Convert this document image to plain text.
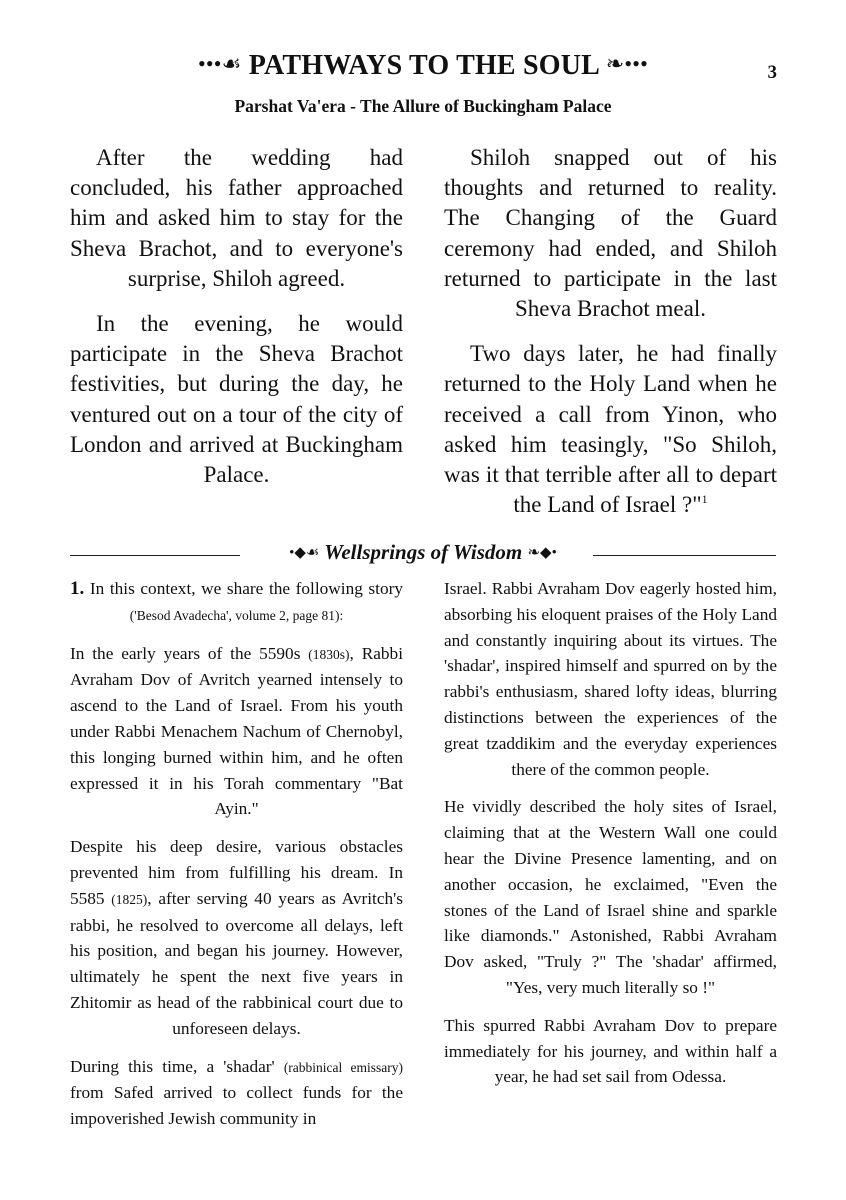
•••☙ PATHWAYS TO THE SOUL ❧•••	3
Parshat Va'era - The Allure of Buckingham Palace

After the wedding had concluded, his father approached him and asked him to stay for the Sheva Brachot, and to everyone's surprise, Shiloh agreed.

In the evening, he would participate in the Sheva Brachot festivities, but during the day, he ventured out on a tour of the city of London and arrived at Buckingham Palace.

Shiloh snapped out of his thoughts and returned to reality. The Changing of the Guard ceremony had ended, and Shiloh returned to participate in the last Sheva Brachot meal.

Two days later, he had finally returned to the Holy Land when he received a call from Yinon, who asked him teasingly, "So Shiloh, was it that terrible after all to depart the Land of Israel ?"$^1$

•◆☙ Wellsprings of Wisdom ❧◆•

1. In this context, we share the following story ('Besod Avadecha', volume 2, page 81):

In the early years of the 5590s (1830s), Rabbi Avraham Dov of Avritch yearned intensely to ascend to the Land of Israel. From his youth under Rabbi Menachem Nachum of Chernobyl, this longing burned within him, and he often expressed it in his Torah commentary "Bat Ayin."

Despite his deep desire, various obstacles prevented him from fulfilling his dream. In 5585 (1825), after serving 40 years as Avritch's rabbi, he resolved to overcome all delays, left his position, and began his journey. However, ultimately he spent the next five years in Zhitomir as head of the rabbinical court due to unforeseen delays.

During this time, a 'shadar' (rabbinical emissary) from Safed arrived to collect funds for the impoverished Jewish community in

Israel. Rabbi Avraham Dov eagerly hosted him, absorbing his eloquent praises of the Holy Land and constantly inquiring about its virtues. The 'shadar', inspired himself and spurred on by the rabbi's enthusiasm, shared lofty ideas, blurring distinctions between the experiences of the great tzaddikim and the everyday experiences there of the common people.

He vividly described the holy sites of Israel, claiming that at the Western Wall one could hear the Divine Presence lamenting, and on another occasion, he exclaimed, "Even the stones of the Land of Israel shine and sparkle like diamonds." Astonished, Rabbi Avraham Dov asked, "Truly ?" The 'shadar' affirmed, "Yes, very much literally so !"

This spurred Rabbi Avraham Dov to prepare immediately for his journey, and within half a year, he had set sail from Odessa.
